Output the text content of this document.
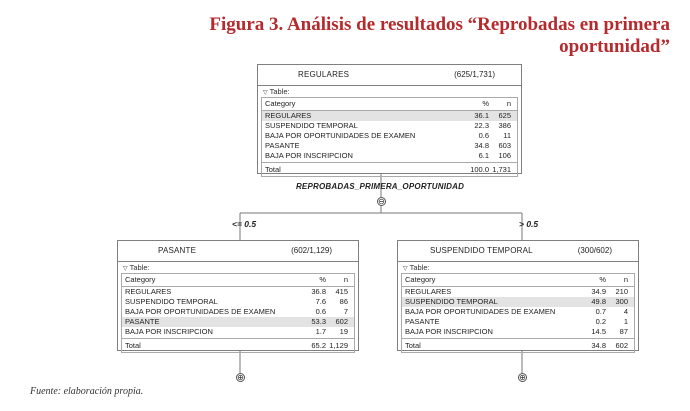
Figura 3. Análisis de resultados “Reprobadas en primera oportunidad”
REGULARES	(625/1,731)
▽ Table:
Category	% n
REGULARES	36.1 625
SUSPENDIDO TEMPORAL	22.3 386
BAJA POR OPORTUNIDADES DE EXAMEN	0.6 11
PASANTE	34.8 603
BAJA POR INSCRIPCION	6.1 106
Total	100.0 1,731
REPROBADAS_PRIMERA_OPORTUNIDAD
⊖
<= 0.5	> 0.5
PASANTE	(602/1,129)
▽ Table:
Category	% n
REGULARES	36.8 415
SUSPENDIDO TEMPORAL	7.6 86
BAJA POR OPORTUNIDADES DE EXAMEN	0.6 7
PASANTE	53.3 602
BAJA POR INSCRIPCION	1.7 19
Total	65.2 1,129
SUSPENDIDO TEMPORAL	(300/602)
▽ Table:
Category	% n
REGULARES	34.9 210
SUSPENDIDO TEMPORAL	49.8 300
BAJA POR OPORTUNIDADES DE EXAMEN	0.7 4
PASANTE	0.2 1
BAJA POR INSCRIPCION	14.5 87
Total	34.8 602
⊕	⊕
Fuente: elaboración propia.
